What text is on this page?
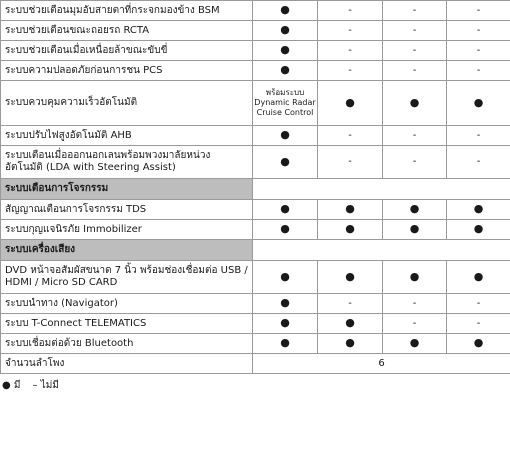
ระบบช่วยเตือนมุมอับสายตาที่กระจกมองข้าง BSM	●	-	-	-
ระบบช่วยเตือนขณะถอยรถ RCTA	●	-	-	-
ระบบช่วยเตือนเมื่อเหนื่อยล้าขณะขับขี่	●	-	-	-
ระบบความปลอดภัยก่อนการชน PCS	●	-	-	-
ระบบควบคุมความเร็วอัตโนมัติ	พร้อมระบบ Dynamic Radar Cruise Control	●	●	●
ระบบปรับไฟสูงอัตโนมัติ AHB	●	-	-	-
ระบบเตือนเมื่อออกนอกเลนพร้อมพวงมาลัยหน่วงอัตโนมัติ (LDA with Steering Assist)	●	-	-	-
ระบบเตือนการโจรกรรม				
สัญญาณเตือนการโจรกรรม TDS	●	●	●	●
ระบบกุญแจนิรภัย Immobilizer	●	●	●	●
ระบบเครื่องเสียง				
DVD หน้าจอสัมผัสขนาด 7 นิ้ว พร้อมช่องเชื่อมต่อ USB / HDMI / Micro SD CARD	●	●	●	●
ระบบนำทาง (Navigator)	●	-	-	-
ระบบ T-Connect TELEMATICS	●	●	-	-
ระบบเชื่อมต่อด้วย Bluetooth	●	●	●	●
จำนวนลำโพง	6			
● มี – ไม่มี
